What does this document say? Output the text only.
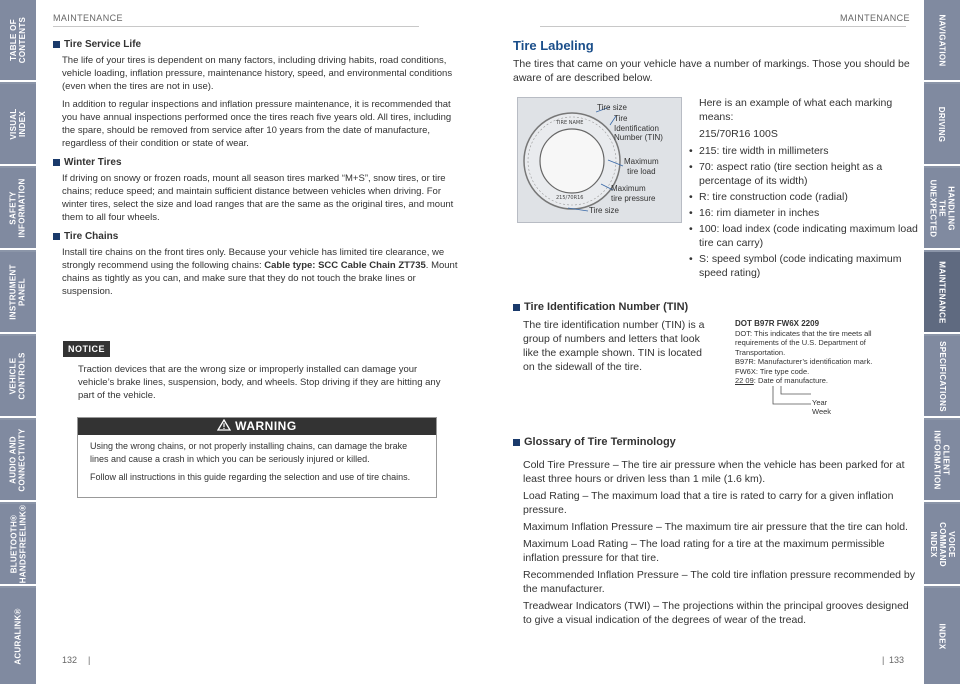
TABLE OF
CONTENTS
VISUAL INDEX
SAFETY
INFORMATION
INSTRUMENT
PANEL
VEHICLE
CONTROLS
AUDIO AND
CONNECTIVITY
BLUETOOTH®
HANDSFREELINK®
ACURALINK®
NAVIGATION
DRIVING
HANDLING THE
UNEXPECTED
MAINTENANCE
SPECIFICATIONS
CLIENT
INFORMATION
VOICE
COMMAND INDEX
INDEX
MAINTENANCE	MAINTENANCE
Tire Service Life

The life of your tires is dependent on many factors, including driving habits, road conditions, vehicle loading, inflation pressure, maintenance history, speed, and environmental conditions (even when the tires are not in use).

In addition to regular inspections and inflation pressure maintenance, it is recommended that you have annual inspections performed once the tires reach five years old. All tires, including the spare, should be removed from service after 10 years from the date of manufacture, regardless of their condition or state of wear.

Winter Tires

If driving on snowy or frozen roads, mount all season tires marked “M+S”, snow tires, or tire chains; reduce speed; and maintain sufficient distance between vehicles when driving. For winter tires, select the size and load ranges that are the same as the original tires, and mount them to all four wheels.

Tire Chains

Install tire chains on the front tires only. Because your vehicle has limited tire clearance, we strongly recommend using the following chains: Cable type: SCC Cable Chain ZT735. Mount chains as tightly as you can, and make sure that they do not touch the brake lines or suspension.

NOTICE

Traction devices that are the wrong size or improperly installed can damage your vehicle’s brake lines, suspension, body, and wheels. Stop driving if they are hitting any part of the vehicle.

WARNING

Using the wrong chains, or not properly installing chains, can damage the brake lines and cause a crash in which you can be seriously injured or killed.

Follow all instructions in this guide regarding the selection and use of tire chains.

Tire Labeling

The tires that came on your vehicle have a number of markings. Those you should be aware of are described below.

TIRE NAME
215/70R16
Tire size
Tire
Identification
Number (TIN)
Maximum
tire load
Maximum
tire pressure
Tire size
Here is an example of what each marking means:
215/70R16 100S
• 215: tire width in millimeters
• 70: aspect ratio (tire section height as a percentage of its width)
• R: tire construction code (radial)
• 16: rim diameter in inches
• 100: load index (code indicating maximum load tire can carry)
• S: speed symbol (code indicating maximum speed rating)
Tire Identification Number (TIN)

The tire identification number (TIN) is a group of numbers and letters that look like the example shown. TIN is located on the sidewall of the tire.

DOT B97R FW6X 2209
DOT: This indicates that the tire meets all requirements of the U.S. Department of Transportation.
B97R: Manufacturer’s identification mark.
FW6X: Tire type code.
22 09: Date of manufacture.
Year
Week
Glossary of Tire Terminology

Cold Tire Pressure – The tire air pressure when the vehicle has been parked for at least three hours or driven less than 1 mile (1.6 km).

Load Rating – The maximum load that a tire is rated to carry for a given inflation pressure.

Maximum Inflation Pressure – The maximum tire air pressure that the tire can hold.

Maximum Load Rating – The load rating for a tire at the maximum permissible inflation pressure for that tire.

Recommended Inflation Pressure – The cold tire inflation pressure recommended by the manufacturer.

Treadwear Indicators (TWI) – The projections within the principal grooves designed to give a visual indication of the degrees of wear of the tread.

132 |	| 133
